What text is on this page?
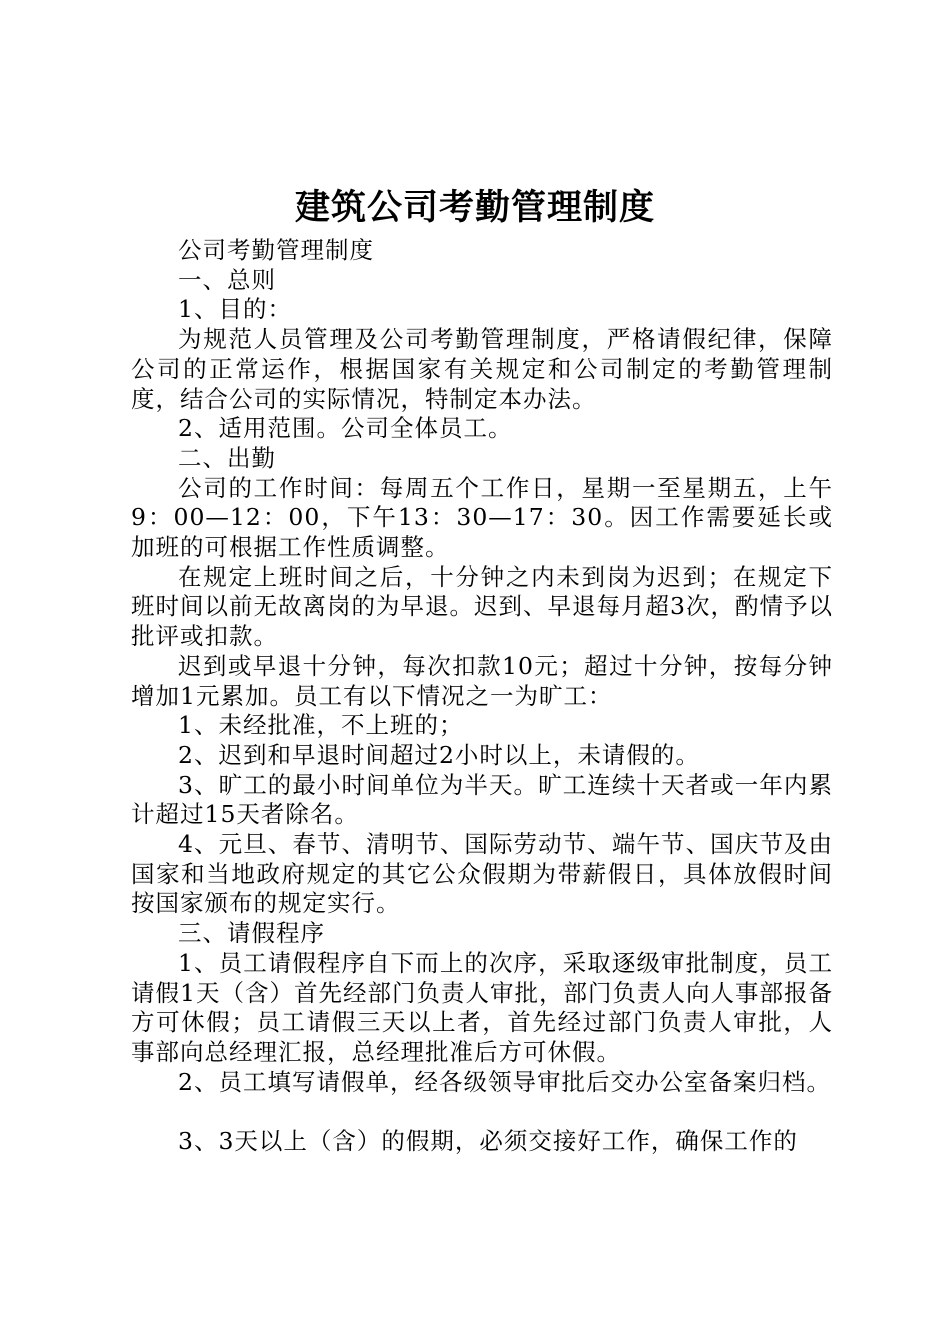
建筑公司考勤管理制度

公司考勤管理制度

一、总则

1、目的：

为规范人员管理及公司考勤管理制度，严格请假纪律，保障公司的正常运作，根据国家有关规定和公司制定的考勤管理制度，结合公司的实际情况，特制定本办法。

2、适用范围。公司全体员工。

二、出勤

公司的工作时间：每周五个工作日，星期一至星期五，上午9：00—12：00，下午13：30—17：30。因工作需要延长或加班的可根据工作性质调整。

在规定上班时间之后，十分钟之内未到岗为迟到；在规定下班时间以前无故离岗的为早退。迟到、早退每月超3次，酌情予以批评或扣款。

迟到或早退十分钟，每次扣款10元；超过十分钟，按每分钟增加1元累加。员工有以下情况之一为旷工：

1、未经批准，不上班的；

2、迟到和早退时间超过2小时以上，未请假的。

3、旷工的最小时间单位为半天。旷工连续十天者或一年内累计超过15天者除名。

4、元旦、春节、清明节、国际劳动节、端午节、国庆节及由国家和当地政府规定的其它公众假期为带薪假日，具体放假时间按国家颁布的规定实行。

三、请假程序

1、员工请假程序自下而上的次序，采取逐级审批制度，员工请假1天（含）首先经部门负责人审批，部门负责人向人事部报备方可休假；员工请假三天以上者，首先经过部门负责人审批，人事部向总经理汇报，总经理批准后方可休假。

2、员工填写请假单，经各级领导审批后交办公室备案归档。

3、3天以上（含）的假期，必须交接好工作，确保工作的
